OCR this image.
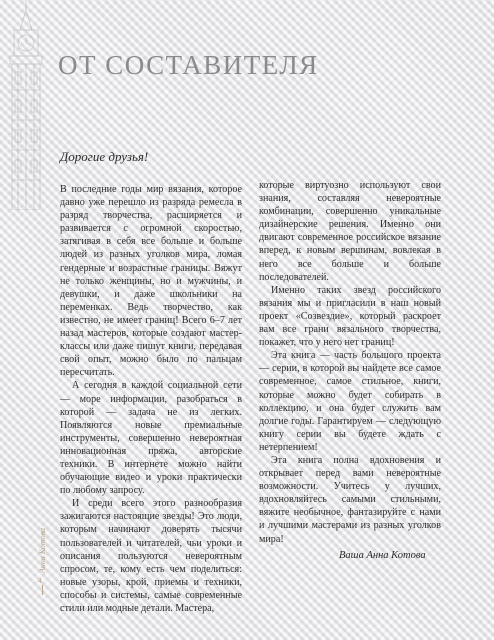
ОТ СОСТАВИТЕЛЯ

Дорогие друзья!

В последние годы мир вязания, которое давно уже перешло из разряда ремесла в разряд творчества, расширяется и развивается с огромной скоростью, затягивая в себя все больше и больше людей из разных уголков мира, ломая гендерные и возрастные границы. Вяжут не только женщины, но и мужчины, и девушки, и даже школьники на переменках. Ведь творчество, как известно, не имеет границ! Всего 6–7 лет назад мастеров, которые создают мастер-классы или даже пишут книги, передавая свой опыт, можно было по пальцам пересчитать.

А сегодня в каждой социальной сети — море информации, разобраться в которой — задача не из легких. Появляются новые премиальные инструменты, совершенно невероятная инновационная пряжа, авторские техники. В интернете можно найти обучающие видео и уроки практически по любому запросу.

И среди всего этого разнообразия зажигаются настоящие звезды! Это люди, которым начинают доверять тысячи пользователей и читателей, чьи уроки и описания пользуются невероятным спросом, те, кому есть чем поделиться: новые узоры, крой, приемы и техники, способы и системы, самые современные стили или модные детали. Мастера,

которые виртуозно используют свои знания, составляя невероятные комбинации, совершенно уникальные дизайнерские решения. Именно они двигают современное российское вязание вперед, к новым вершинам, вовлекая в него все больше и больше последователей.

Именно таких звезд российского вязания мы и пригласили в наш новый проект «Созвездие», который раскроет вам все грани вязального творчества, покажет, что у него нет границ!

Эта книга — часть большого проекта — серии, в которой вы найдете все самое современное, самое стильное, книги, которые можно будет собирать в коллекцию, и она будет служить вам долгие годы. Гарантируем — следующую книгу серии вы будете ждать с нетерпением!

Эта книга полна вдохновения и открывает перед вами невероятные возможности. Учитесь у лучших, вдохновляйтесь самыми стильными, вяжите необычное, фантазируйте с нами и лучшими мастерами из разных уголков мира!

Ваша Анна Котова

Анна Котова

4
